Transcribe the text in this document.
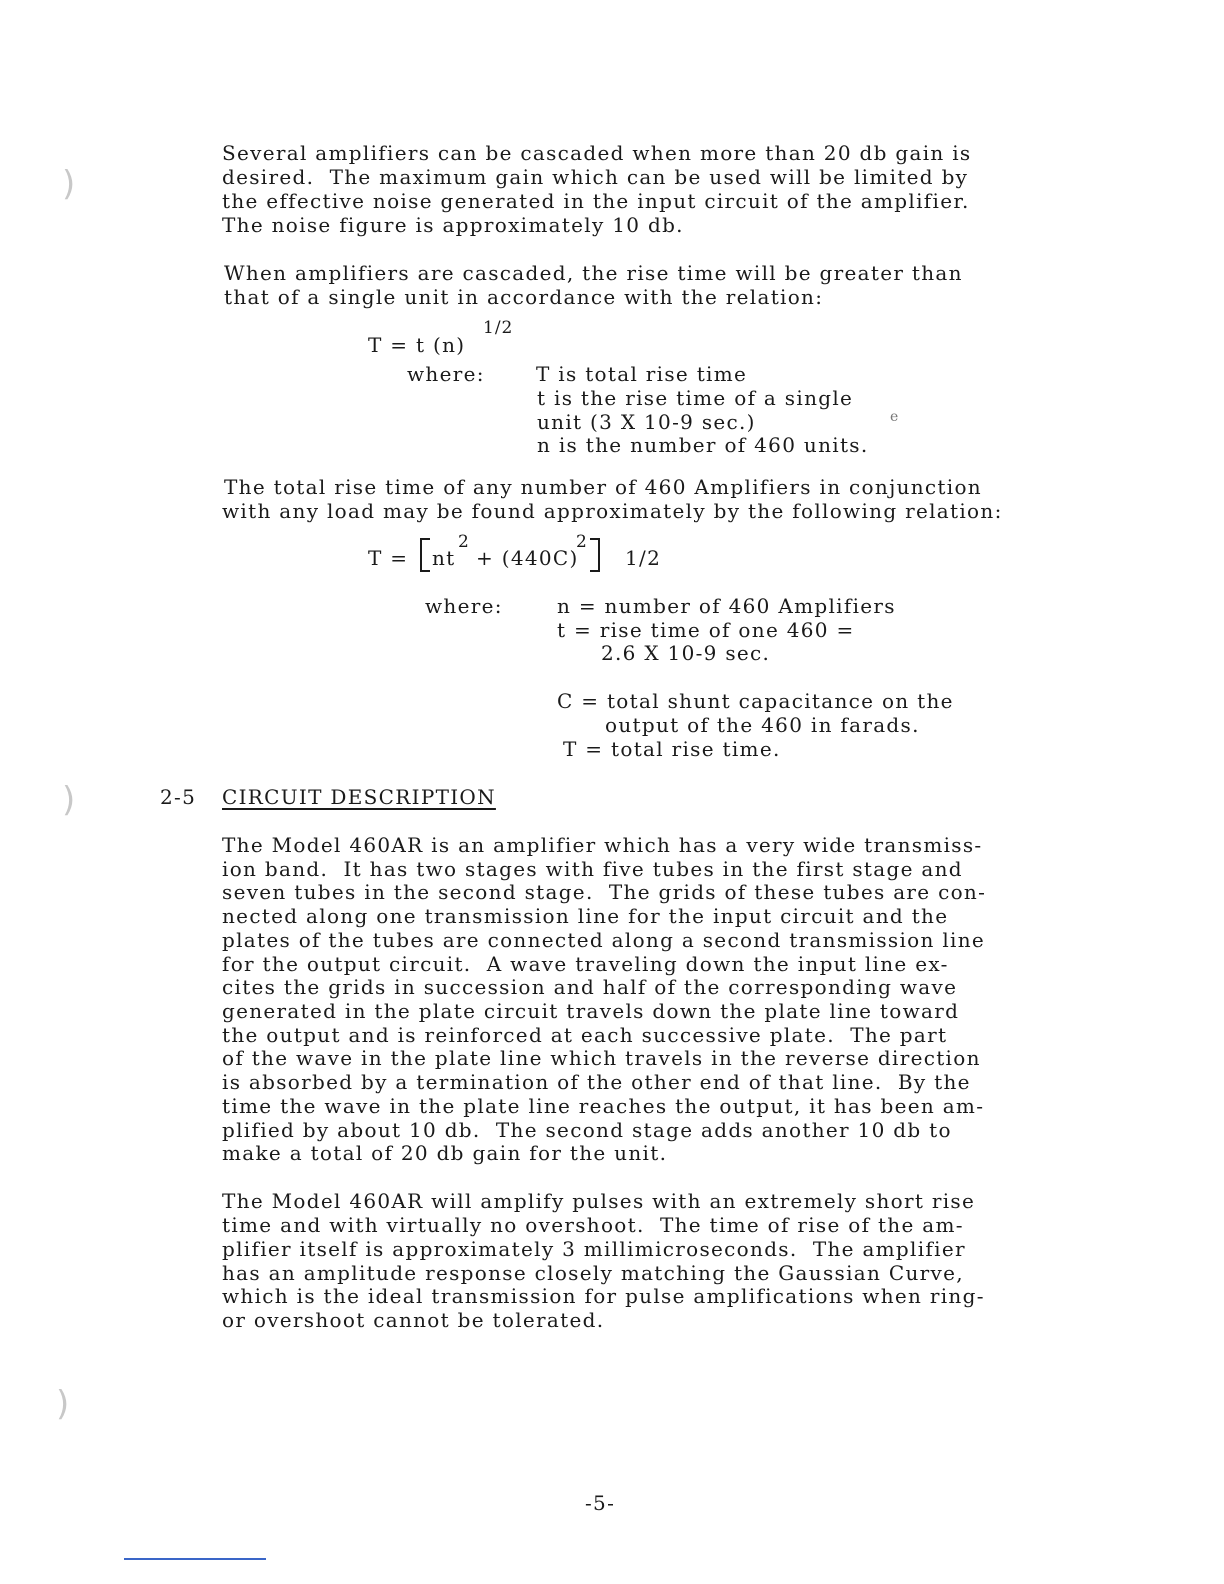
)
)
)
Several amplifiers can be cascaded when more than 20 db gain is
desired.  The maximum gain which can be used will be limited by
the effective noise generated in the input circuit of the amplifier.
The noise figure is approximately 10 db.
When amplifiers are cascaded, the rise time will be greater than
that of a single unit in accordance with the relation:
T = t (n)
1/2
where:	T is total rise time
t is the rise time of a single
unit (3 X 10-9 sec.)
n is the number of 460 units.
e
The total rise time of any number of 460 Amplifiers in conjunction
with any load may be found approximately by the following relation:
T = nt
2
+ (440C)
2
1/2
where:	n = number of 460 Amplifiers
t = rise time of one 460 =
2.6 X 10-9 sec.
C = total shunt capacitance on the
output of the 460 in farads.
T = total rise time.
2-5 CIRCUIT DESCRIPTION
The Model 460AR is an amplifier which has a very wide transmiss-
ion band.  It has two stages with five tubes in the first stage and
seven tubes in the second stage.  The grids of these tubes are con-
nected along one transmission line for the input circuit and the
plates of the tubes are connected along a second transmission line
for the output circuit.  A wave traveling down the input line ex-
cites the grids in succession and half of the corresponding wave
generated in the plate circuit travels down the plate line toward
the output and is reinforced at each successive plate.  The part
of the wave in the plate line which travels in the reverse direction
is absorbed by a termination of the other end of that line.  By the
time the wave in the plate line reaches the output, it has been am-
plified by about 10 db.  The second stage adds another 10 db to
make a total of 20 db gain for the unit.
The Model 460AR will amplify pulses with an extremely short rise
time and with virtually no overshoot.  The time of rise of the am-
plifier itself is approximately 3 millimicroseconds.  The amplifier
has an amplitude response closely matching the Gaussian Curve,
which is the ideal transmission for pulse amplifications when ring-
or overshoot cannot be tolerated.
-5-
